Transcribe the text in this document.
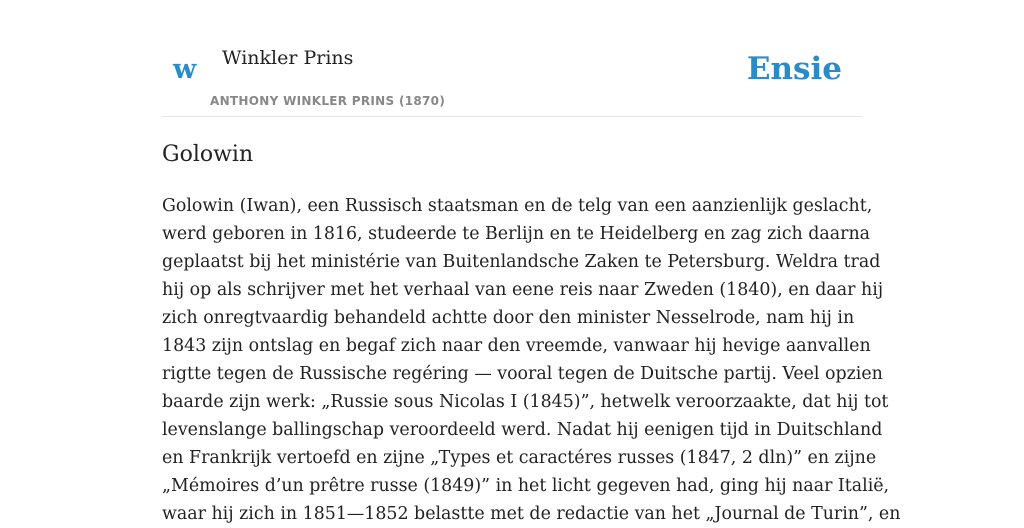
w Winkler Prins
ANTHONY WINKLER PRINS (1870)
Ensie
Golowin

Golowin (Iwan), een Russisch staatsman en de telg van een aanzienlijk geslacht,
werd geboren in 1816, studeerde te Berlijn en te Heidelberg en zag zich daarna
geplaatst bij het ministérie van Buitenlandsche Zaken te Petersburg. Weldra trad
hij op als schrijver met het verhaal van eene reis naar Zweden (1840), en daar hij
zich onregtvaardig behandeld achtte door den minister Nesselrode, nam hij in
1843 zijn ontslag en begaf zich naar den vreemde, vanwaar hij hevige aanvallen
rigtte tegen de Russische regéring — vooral tegen de Duitsche partij. Veel opzien
baarde zijn werk: „Russie sous Nicolas I (1845)”, hetwelk veroorzaakte, dat hij tot
levenslange ballingschap veroordeeld werd. Nadat hij eenigen tijd in Duitschland
en Frankrijk vertoefd en zijne „Types et caractéres russes (1847, 2 dln)” en zijne
„Mémoires d’un prêtre russe (1849)” in het licht gegeven had, ging hij naar Italië,
waar hij zich in 1851—1852 belastte met de redactie van het „Journal de Turin”, en
